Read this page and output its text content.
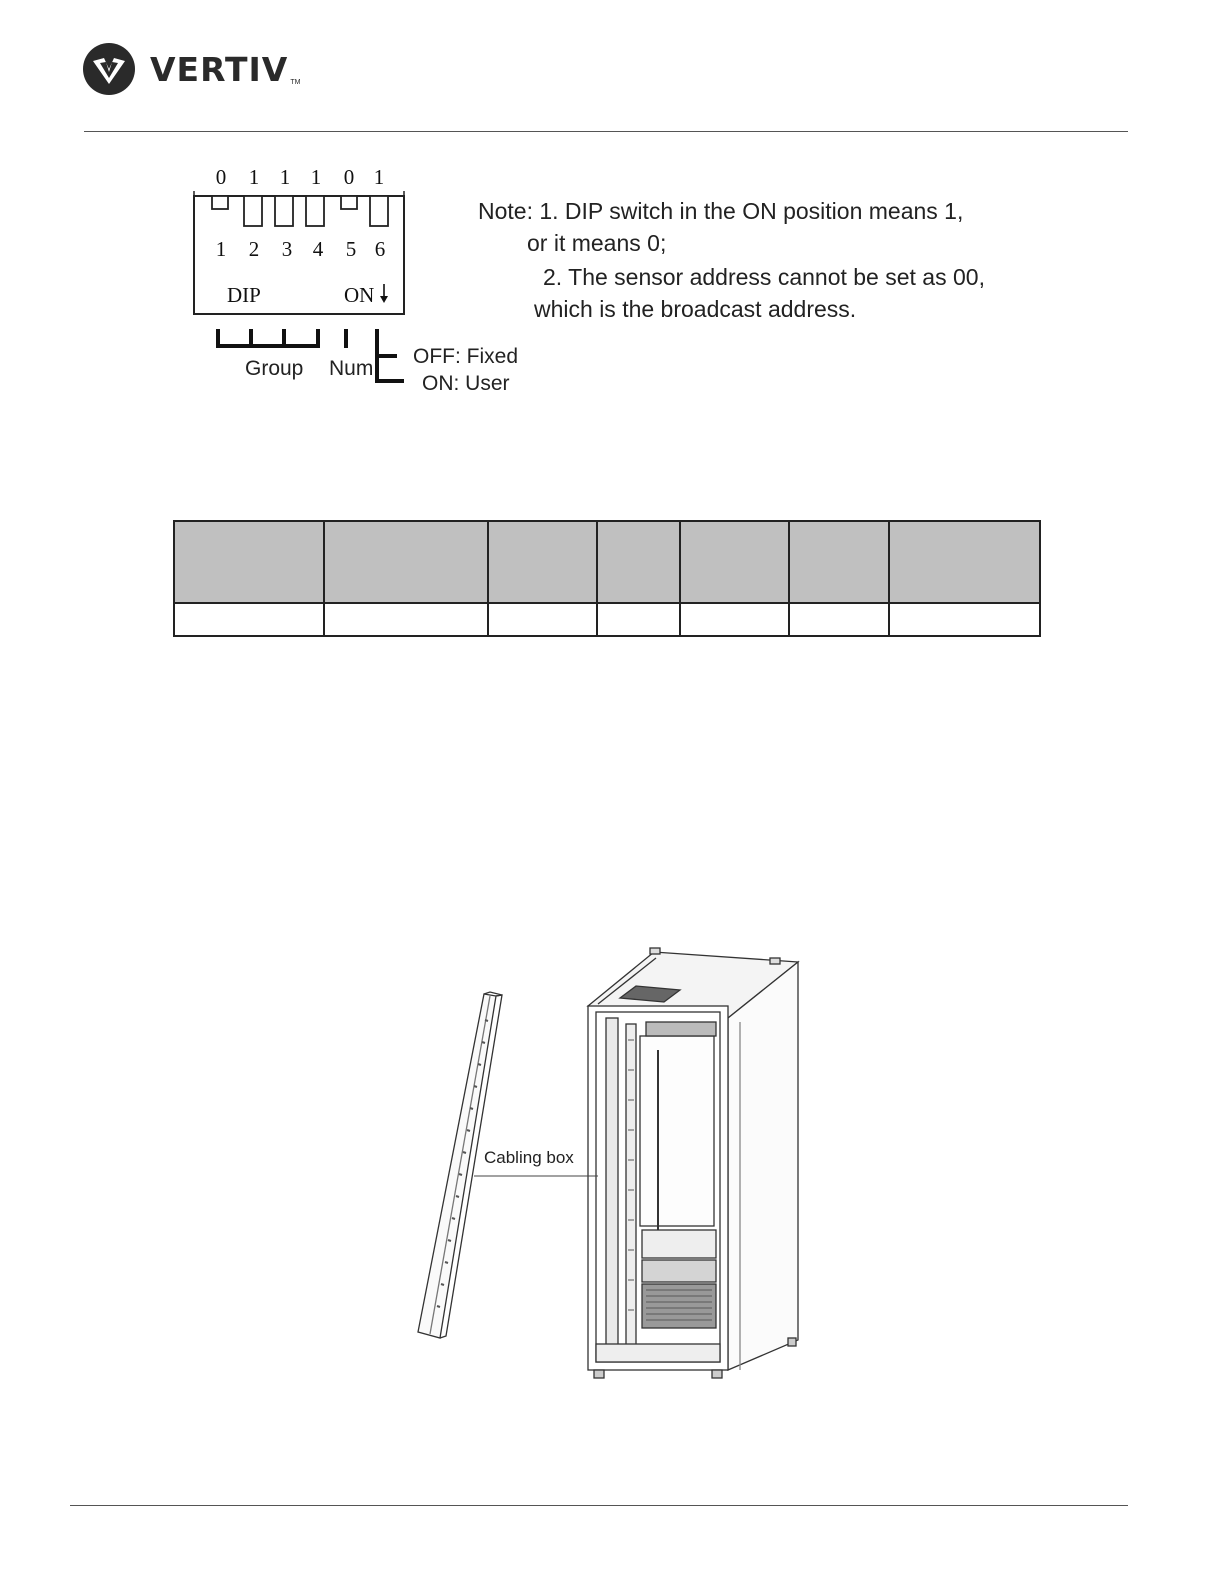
VERTIV TM
0 1 1 1 0 1
1 2 3 4 5 6
DIP	ON
Group Num
OFF: Fixed
ON: User
Note: 1. DIP switch in the ON position means 1,
or it means 0;
2. The sensor address cannot be set as 00,
which is the broadcast address.

Cabling box
